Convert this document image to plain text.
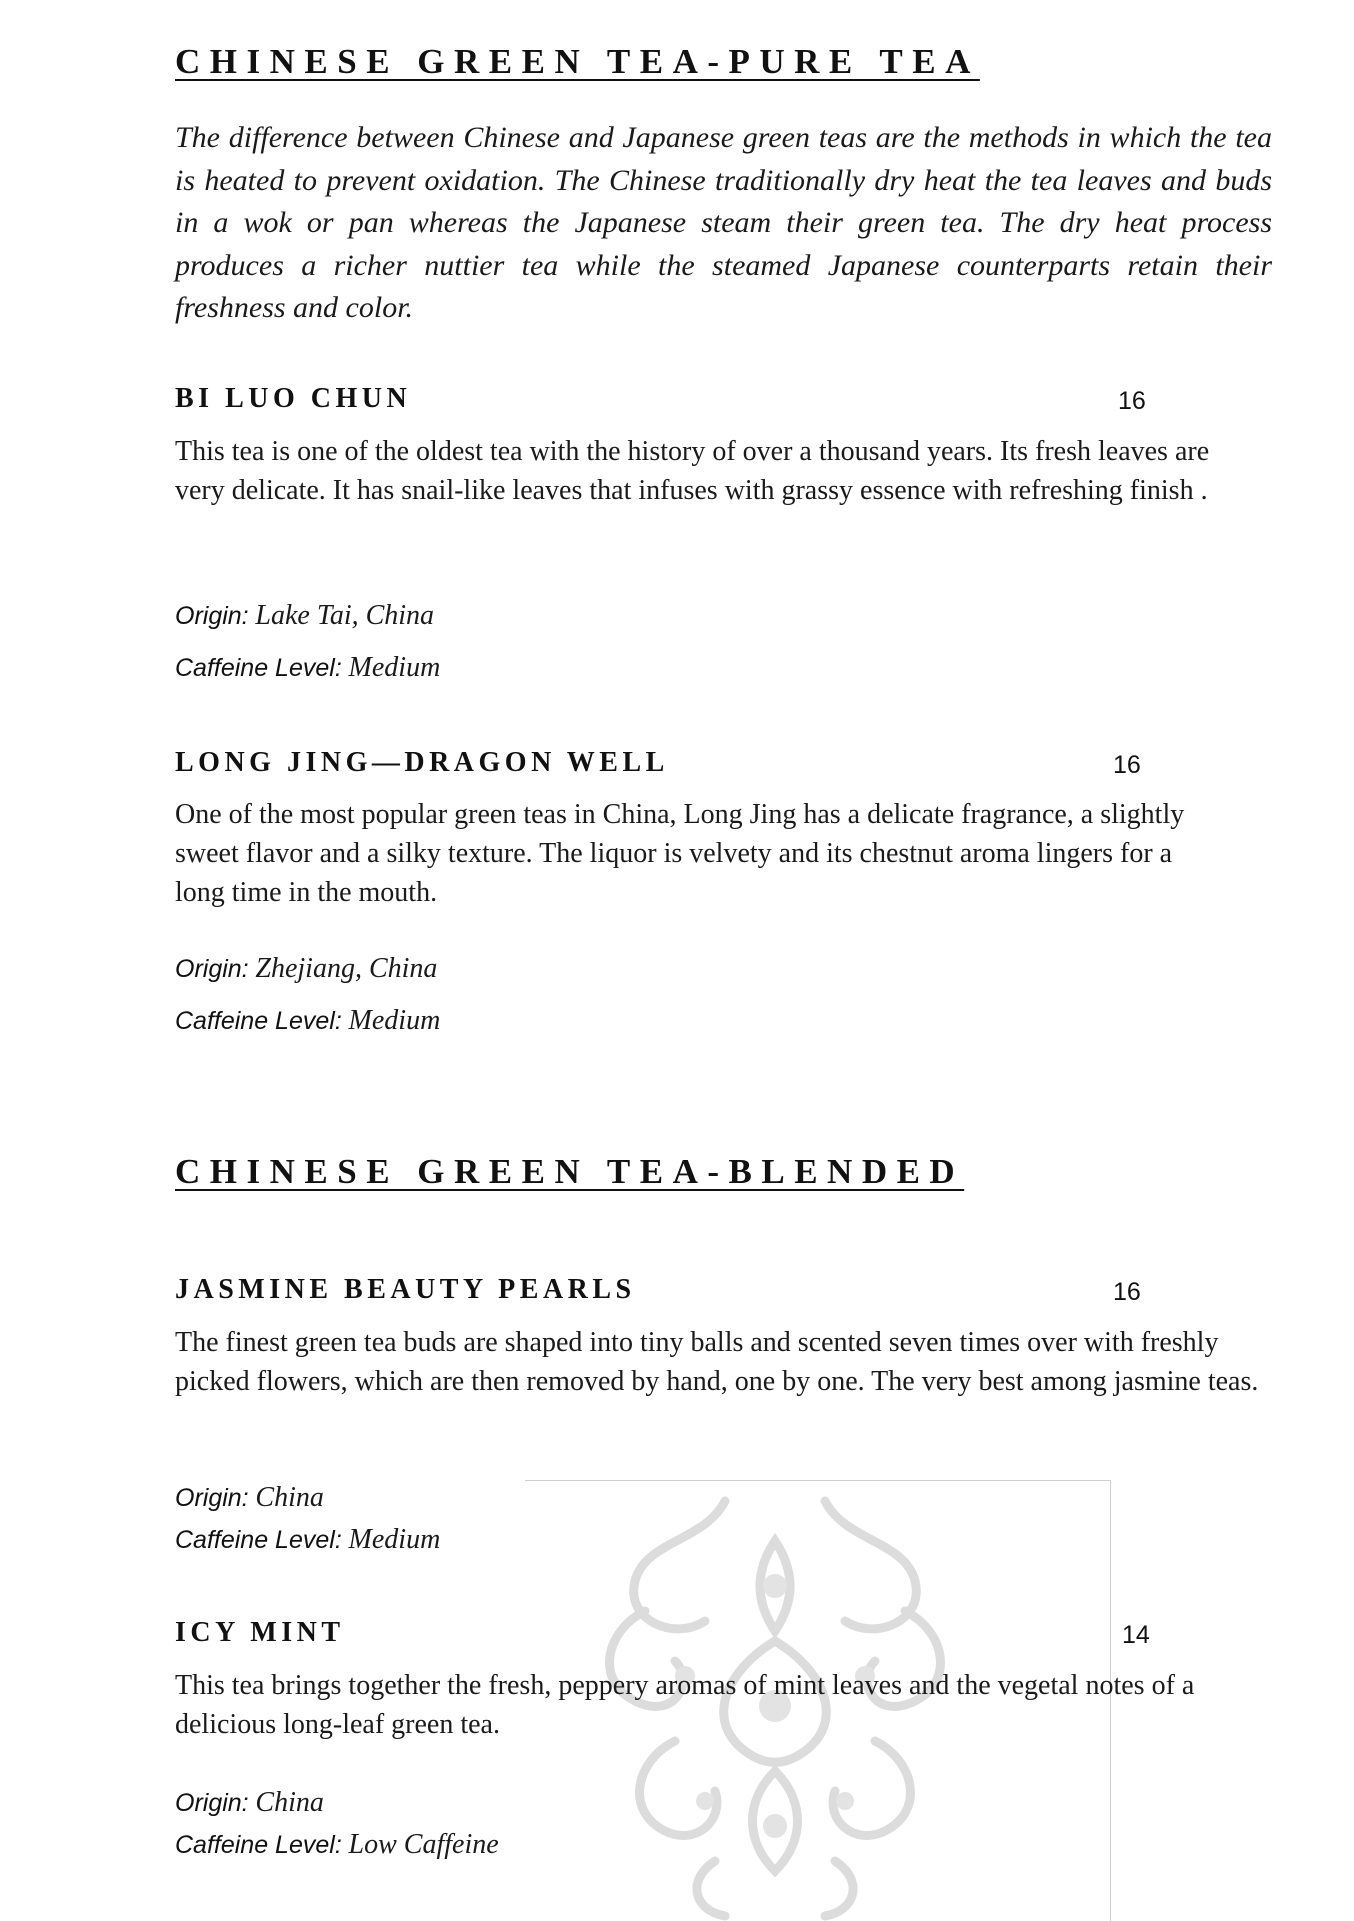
CHINESE GREEN TEA-PURE TEA

The difference between Chinese and Japanese green teas are the methods in which the tea is heated to prevent oxidation. The Chinese traditionally dry heat the tea leaves and buds in a wok or pan whereas the Japanese steam their green tea. The dry heat process produces a richer nuttier tea while the steamed Japanese counterparts retain their freshness and color.

BI LUO CHUN	16

This tea is one of the oldest tea with the history of over a thousand years. Its fresh leaves are very delicate. It has snail-like leaves that infuses with grassy essence with refreshing finish .

Origin: Lake Tai, China

Caffeine Level: Medium

LONG JING—DRAGON WELL	16

One of the most popular green teas in China, Long Jing has a delicate fragrance, a slightly sweet flavor and a silky texture. The liquor is velvety and its chestnut aroma lingers for a long time in the mouth.

Origin: Zhejiang, China

Caffeine Level: Medium

CHINESE GREEN TEA-BLENDED
JASMINE BEAUTY PEARLS	16

The finest green tea buds are shaped into tiny balls and scented seven times over with freshly picked flowers, which are then removed by hand, one by one. The very best among jasmine teas.

Origin: China

Caffeine Level: Medium

ICY MINT	14

This tea brings together the fresh, peppery aromas of mint leaves and the vegetal notes of a delicious long-leaf green tea.

Origin: China

Caffeine Level: Low Caffeine
